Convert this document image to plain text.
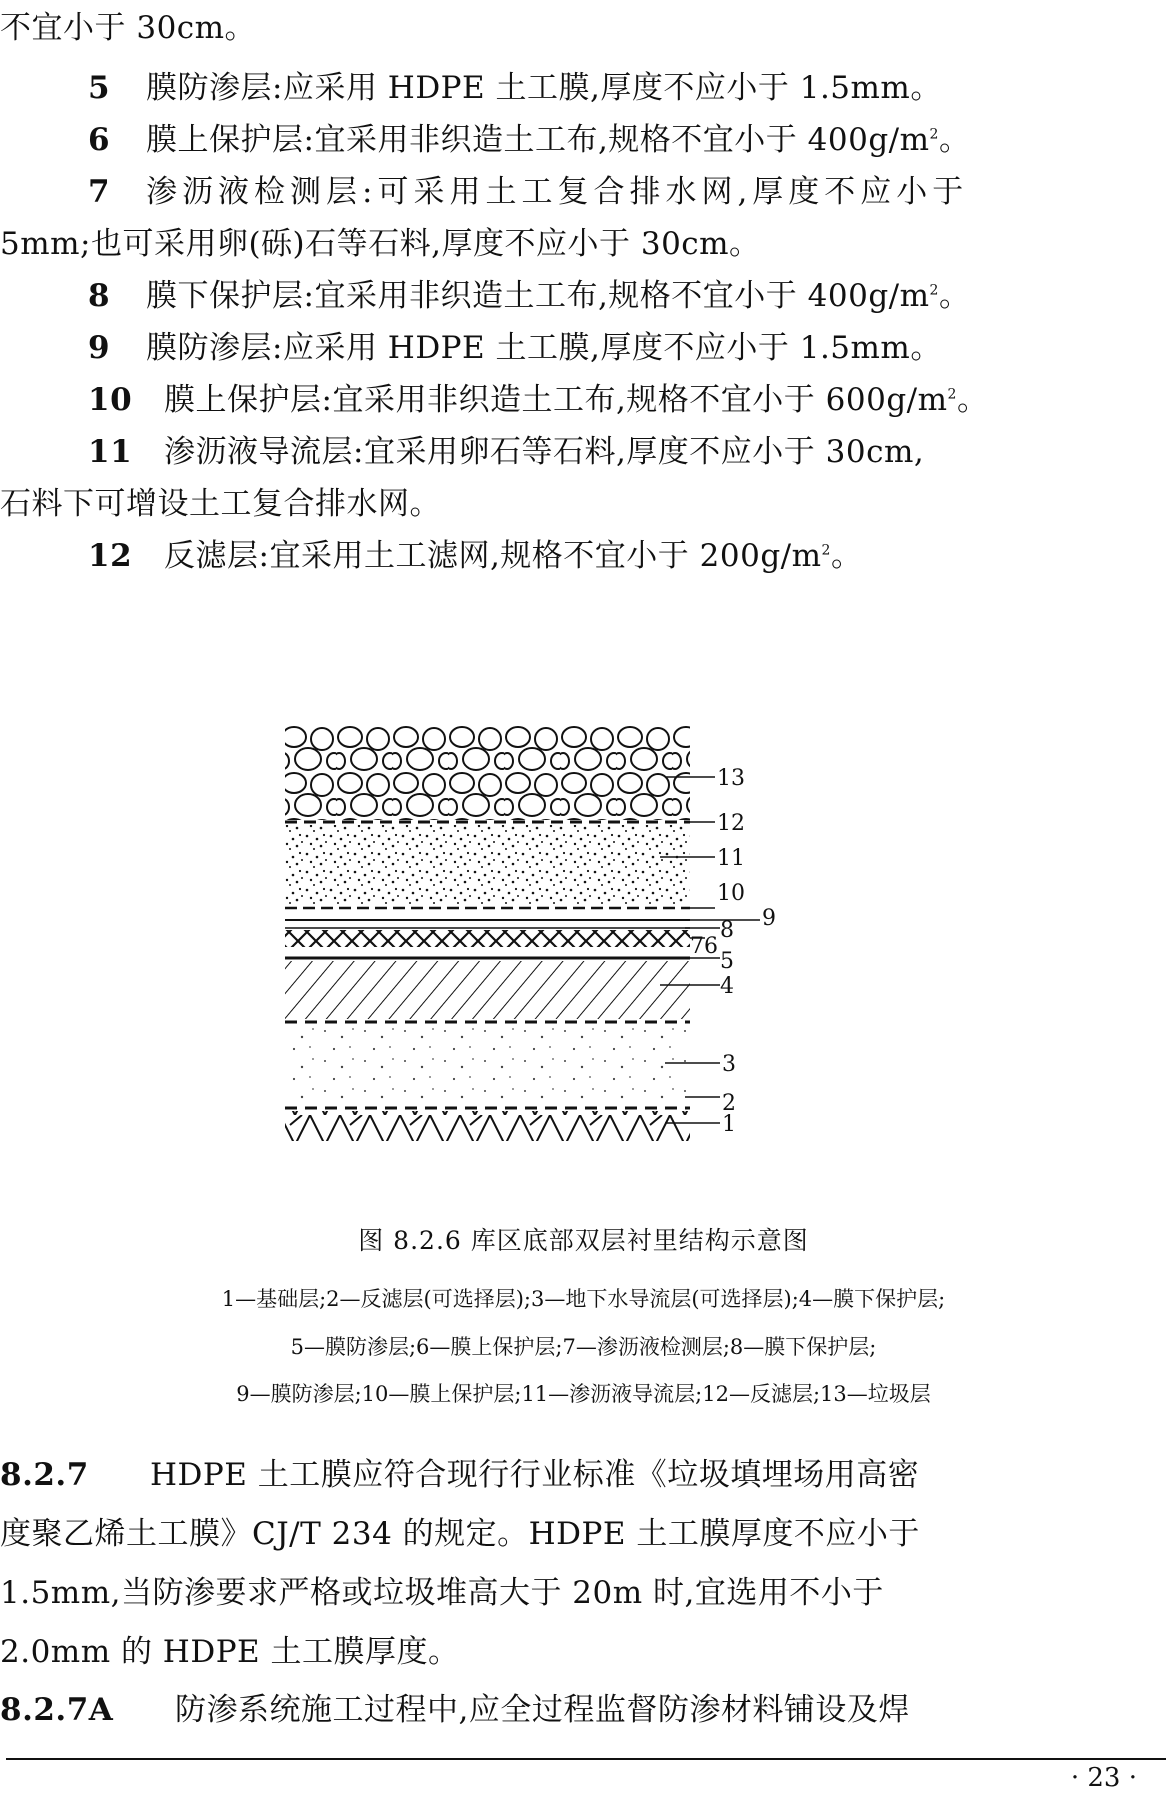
不宜小于 30cm。
5 膜防渗层:应采用 HDPE 土工膜,厚度不应小于 1.5mm。
6 膜上保护层:宜采用非织造土工布,规格不宜小于 $400g/m^2$。
7 渗沥液检测层:可采用土工复合排水网,厚度不应小于
5mm;也可采用卵(砾)石等石料,厚度不应小于 30cm。
8 膜下保护层:宜采用非织造土工布,规格不宜小于 $400g/m^2$。
9 膜防渗层:应采用 HDPE 土工膜,厚度不应小于 1.5mm。
10 膜上保护层:宜采用非织造土工布,规格不宜小于 $600g/m^2$。
11 渗沥液导流层:宜采用卵石等石料,厚度不应小于 30cm,
石料下可增设土工复合排水网。
12 反滤层:宜采用土工滤网,规格不宜小于 $200g/m^2$。
13
12
11
10
9
8
76
5
4
3
2
1
图 8.2.6 库区底部双层衬里结构示意图
1—基础层;2—反滤层(可选择层);3—地下水导流层(可选择层);4—膜下保护层;
5—膜防渗层;6—膜上保护层;7—渗沥液检测层;8—膜下保护层;
9—膜防渗层;10—膜上保护层;11—渗沥液导流层;12—反滤层;13—垃圾层
8.2.7 HDPE 土工膜应符合现行行业标准《垃圾填埋场用高密
度聚乙烯土工膜》CJ/T 234 的规定。HDPE 土工膜厚度不应小于
1.5mm,当防渗要求严格或垃圾堆高大于 20m 时,宜选用不小于
2.0mm 的 HDPE 土工膜厚度。
8.2.7A 防渗系统施工过程中,应全过程监督防渗材料铺设及焊
· 23 ·
